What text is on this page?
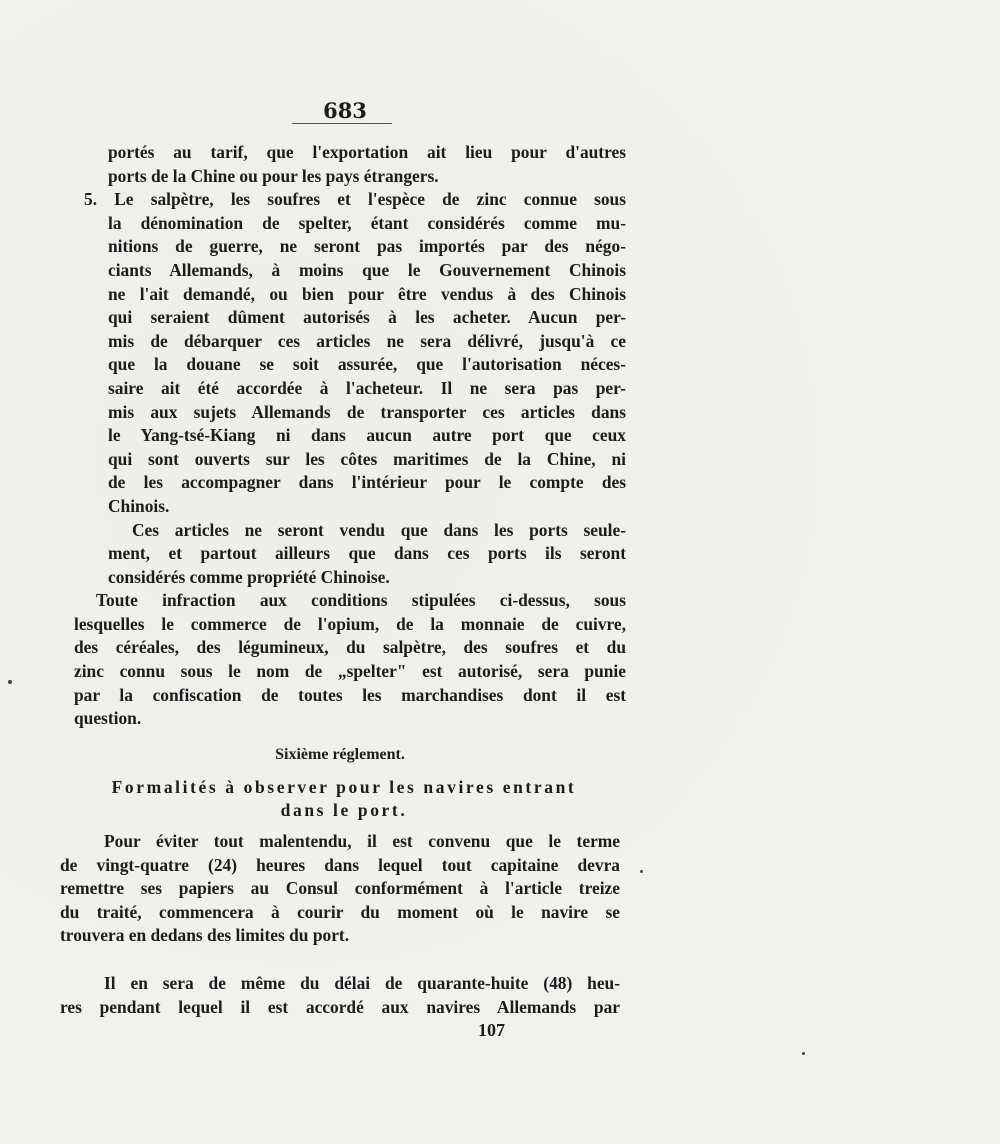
683
portés au tarif, que l'exportation ait lieu pour d'autres
ports de la Chine ou pour les pays étrangers.
5. Le salpètre, les soufres et l'espèce de zinc connue sous
la dénomination de spelter, étant considérés comme mu-
nitions de guerre, ne seront pas importés par des négo-
ciants Allemands, à moins que le Gouvernement Chinois
ne l'ait demandé, ou bien pour être vendus à des Chinois
qui seraient dûment autorisés à les acheter. Aucun per-
mis de débarquer ces articles ne sera délivré, jusqu'à ce
que la douane se soit assurée, que l'autorisation néces-
saire ait été accordée à l'acheteur. Il ne sera pas per-
mis aux sujets Allemands de transporter ces articles dans
le Yang-tsé-Kiang ni dans aucun autre port que ceux
qui sont ouverts sur les côtes maritimes de la Chine, ni
de les accompagner dans l'intérieur pour le compte des
Chinois.
Ces articles ne seront vendu que dans les ports seule-
ment, et partout ailleurs que dans ces ports ils seront
considérés comme propriété Chinoise.
Toute infraction aux conditions stipulées ci-dessus, sous
lesquelles le commerce de l'opium, de la monnaie de cuivre,
des céréales, des légumineux, du salpètre, des soufres et du
zinc connu sous le nom de „spelter" est autorisé, sera punie
par la confiscation de toutes les marchandises dont il est
question.
Sixième réglement.
Formalités à observer pour les navires entrant
dans le port.
Pour éviter tout malentendu, il est convenu que le terme
de vingt-quatre (24) heures dans lequel tout capitaine devra
remettre ses papiers au Consul conformément à l'article treize
du traité, commencera à courir du moment où le navire se
trouvera en dedans des limites du port.
Il en sera de même du délai de quarante-huite (48) heu-
res pendant lequel il est accordé aux navires Allemands par
107
